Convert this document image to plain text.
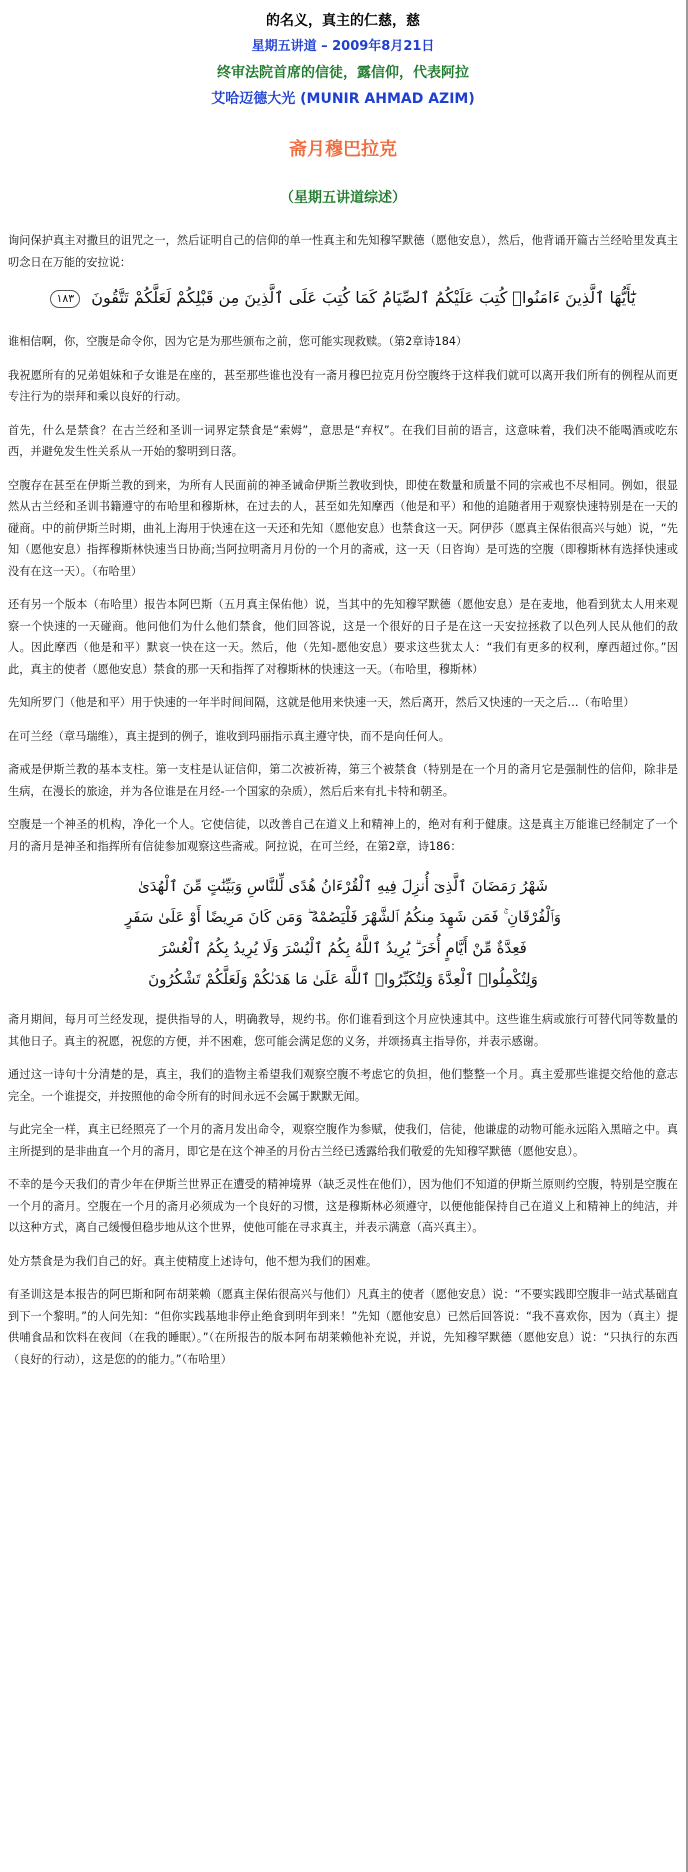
的名义，真主的仁慈，慈

星期五讲道 – 2009年8月21日

终审法院首席的信徒，露信仰，代表阿拉

艾哈迈德大光 (MUNIR AHMAD AZIM)

斋月穆巴拉克
（星期五讲道综述）

询问保护真主对撒旦的诅咒之一，然后证明自己的信仰的单一性真主和先知穆罕默德（愿他安息），然后，他背诵开篇古兰经哈里发真主叨念日在万能的安拉说：

يَٰٓأَيُّهَا ٱلَّذِينَ ءَامَنُوا۟ كُتِبَ عَلَيْكُمُ ٱلصِّيَامُ كَمَا كُتِبَ عَلَى ٱلَّذِينَ مِن قَبْلِكُمْ لَعَلَّكُمْ تَتَّقُونَ ١٨٣

谁相信啊，你，空腹是命令你，因为它是为那些颁布之前，您可能实现救赎。（第2章诗184）

我祝愿所有的兄弟姐妹和子女谁是在座的，甚至那些谁也没有一斋月穆巴拉克月份空腹终于这样我们就可以离开我们所有的例程从而更专注行为的崇拜和乘以良好的行动。

首先，什么是禁食？在古兰经和圣训一词界定禁食是“索姆”，意思是“弃权”。在我们目前的语言，这意味着，我们决不能喝酒或吃东西，并避免发生性关系从一开始的黎明到日落。

空腹存在甚至在伊斯兰教的到来，为所有人民面前的神圣诫命伊斯兰教收到快，即使在数量和质量不同的宗戒也不尽相同。例如，很显然从古兰经和圣训书籍遵守的布哈里和穆斯林，在过去的人，甚至如先知摩西（他是和平）和他的追随者用于观察快速特别是在一天的碰商。中的前伊斯兰时期，曲礼上海用于快速在这一天还和先知（愿他安息）也禁食这一天。阿伊莎（愿真主保佑很高兴与她）说，“先知（愿他安息）指挥穆斯林快速当日协商;当阿拉明斋月月份的一个月的斋戒，这一天（日咨询）是可选的空腹（即穆斯林有选择快速或没有在这一天）。（布哈里）

还有另一个版本（布哈里）报告本阿巴斯（五月真主保佑他）说，当其中的先知穆罕默德（愿他安息）是在麦地，他看到犹太人用来观察一个快速的一天碰商。他问他们为什么他们禁食，他们回答说，这是一个很好的日子是在这一天安拉拯救了以色列人民从他们的敌人。因此摩西（他是和平）默哀一快在这一天。然后，他（先知-愿他安息）要求这些犹太人：“我们有更多的权利，摩西超过你。”因此，真主的使者（愿他安息）禁食的那一天和指挥了对穆斯林的快速这一天。（布哈里，穆斯林）

先知所罗门（他是和平）用于快速的一年半时间间隔，这就是他用来快速一天，然后离开，然后又快速的一天之后…（布哈里）

在可兰经（章马瑞维），真主提到的例子，谁收到玛丽指示真主遵守快，而不是向任何人。

斋戒是伊斯兰教的基本支柱。第一支柱是认证信仰，第二次被祈祷，第三个被禁食（特别是在一个月的斋月它是强制性的信仰，除非是生病，在漫长的旅途，并为各位谁是在月经-一个国家的杂质），然后后来有扎卡特和朝圣。

空腹是一个神圣的机构，净化一个人。它使信徒，以改善自己在道义上和精神上的，绝对有利于健康。这是真主万能谁已经制定了一个月的斋月是神圣和指挥所有信徒参加观察这些斋戒。阿拉说，在可兰经，在第2章，诗186：

شَهْرُ رَمَضَانَ ٱلَّذِىٓ أُنزِلَ فِيهِ ٱلْقُرْءَانُ هُدًى لِّلنَّاسِ وَبَيِّنَٰتٍ مِّنَ ٱلْهُدَىٰ

وَٱلْفُرْقَانِ ۚ فَمَن شَهِدَ مِنكُمُ ٱلشَّهْرَ فَلْيَصُمْهُ ۖ وَمَن كَانَ مَرِيضًا أَوْ عَلَىٰ سَفَرٍ

فَعِدَّةٌ مِّنْ أَيَّامٍ أُخَرَ ۗ يُرِيدُ ٱللَّهُ بِكُمُ ٱلْيُسْرَ وَلَا يُرِيدُ بِكُمُ ٱلْعُسْرَ

وَلِتُكْمِلُوا۟ ٱلْعِدَّةَ وَلِتُكَبِّرُوا۟ ٱللَّهَ عَلَىٰ مَا هَدَىٰكُمْ وَلَعَلَّكُمْ تَشْكُرُونَ

斋月期间，每月可兰经发现，提供指导的人，明确教导，规约书。你们谁看到这个月应快速其中。这些谁生病或旅行可替代同等数量的其他日子。真主的祝愿，祝您的方便，并不困难，您可能会满足您的义务，并颂扬真主指导你，并表示感谢。

通过这一诗句十分清楚的是，真主，我们的造物主希望我们观察空腹不考虑它的负担，他们整整一个月。真主爱那些谁提交给他的意志完全。一个谁提交，并按照他的命令所有的时间永远不会属于默默无闻。

与此完全一样，真主已经照亮了一个月的斋月发出命令，观察空腹作为参赋，使我们，信徒，他谦虚的动物可能永远陷入黑暗之中。真主所提到的是非曲直一个月的斋月，即它是在这个神圣的月份古兰经已透露给我们敬爱的先知穆罕默德（愿他安息）。

不幸的是今天我们的青少年在伊斯兰世界正在遭受的精神境界（缺乏灵性在他们），因为他们不知道的伊斯兰原则约空腹，特别是空腹在一个月的斋月。空腹在一个月的斋月必须成为一个良好的习惯，这是穆斯林必须遵守，以便他能保持自己在道义上和精神上的纯洁，并以这种方式，离自己缓慢但稳步地从这个世界，使他可能在寻求真主，并表示满意（高兴真主）。

处方禁食是为我们自己的好。真主使精度上述诗句，他不想为我们的困难。

有圣训这是本报告的阿巴斯和阿布胡莱赖（愿真主保佑很高兴与他们）凡真主的使者（愿他安息）说：“不要实践即空腹非一站式基础直到下一个黎明。”的人问先知：“但你实践基地非停止绝食到明年到来！”先知（愿他安息）已然后回答说：“我不喜欢你，因为（真主）提供哺食品和饮料在夜间（在我的睡眠）。”（在所报告的版本阿布胡莱赖他补充说，并说，先知穆罕默德（愿他安息）说：“只执行的东西（良好的行动），这是您的的能力。”（布哈里）
